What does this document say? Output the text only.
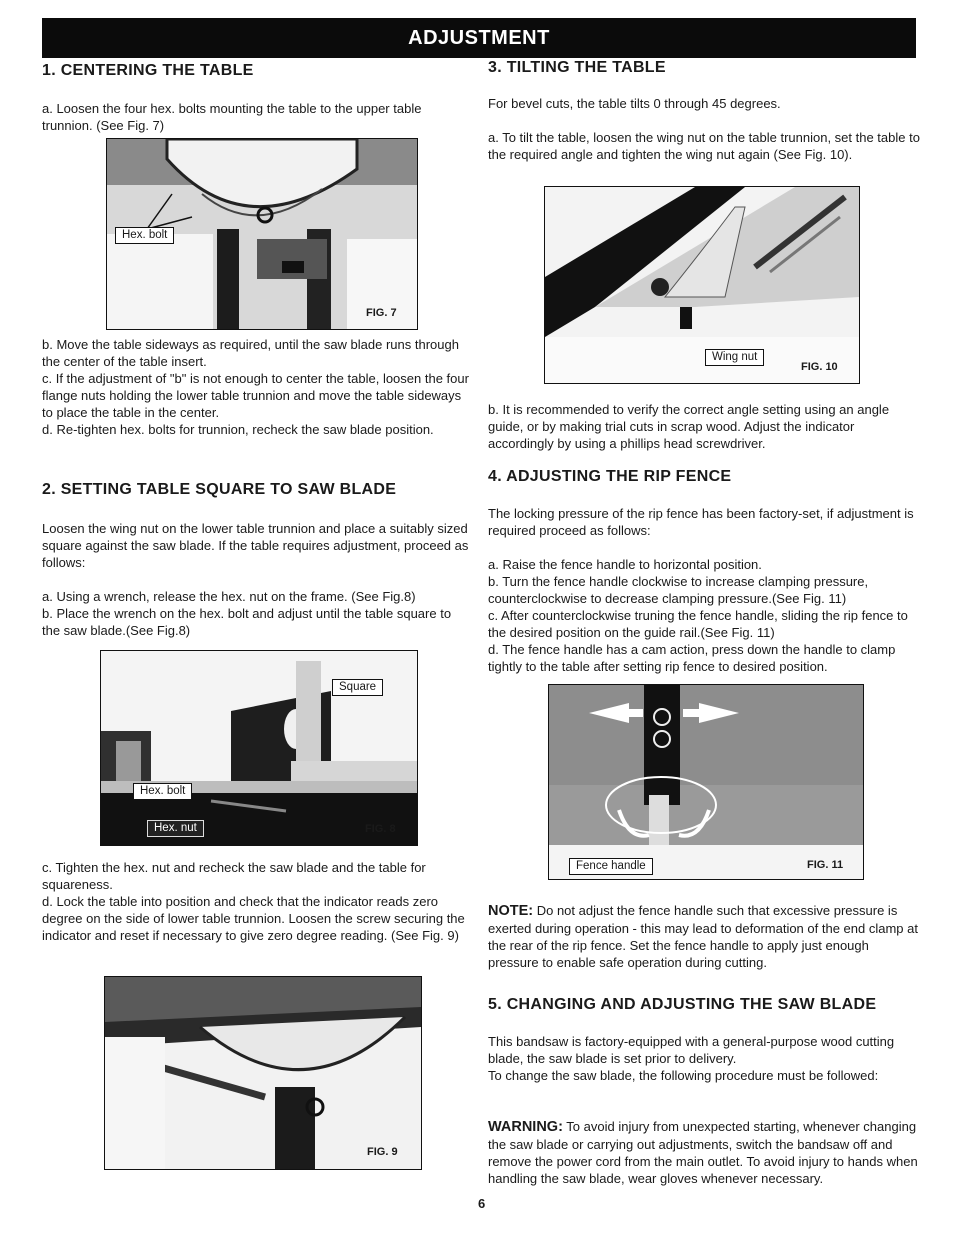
ADJUSTMENT
1. CENTERING THE TABLE

a. Loosen the four hex. bolts mounting the table to the upper table trunnion. (See Fig. 7)

Hex. bolt
FIG. 7

b. Move the table sideways as required, until the saw blade runs through the center of the table insert.

c. If the adjustment of "b" is not enough to center the table, loosen the four flange nuts holding the lower table trunnion and move the table sideways to place the table in the center.

d. Re-tighten hex. bolts for trunnion, recheck the saw blade position.

2. SETTING TABLE SQUARE TO SAW BLADE

Loosen the wing nut on the lower table trunnion and place a suitably sized square against the saw blade. If the table requires adjustment, proceed as follows:

a. Using a wrench, release the hex. nut on the frame. (See Fig.8)

b. Place the wrench on the hex. bolt and adjust until the table square to the saw blade.(See Fig.8)

Square
Hex. bolt
Hex. nut	FIG. 8

c. Tighten the hex. nut and recheck the saw blade and the table for squareness.

d. Lock the table into position and check that the indicator reads zero degree on the side of lower table trunnion. Loosen the screw securing the indicator and reset if necessary to give zero degree reading. (See Fig. 9)

FIG. 9
3. TILTING THE TABLE

For bevel cuts, the table tilts 0 through 45 degrees.

a. To tilt the table, loosen the wing nut on the table trunnion, set the table to the required angle and tighten the wing nut again (See Fig. 10).

Wing nut
FIG. 10

b. It is recommended to verify the correct angle setting using an angle guide, or by making trial cuts in scrap wood. Adjust the indicator accordingly by using a phillips head screwdriver.

4. ADJUSTING THE RIP FENCE

The locking pressure of the rip fence has been factory-set, if adjustment is required proceed as follows:

a. Raise the fence handle to horizontal position.

b. Turn the fence handle clockwise to increase clamping pressure, counterclockwise to decrease clamping pressure.(See Fig. 11)

c. After counterclockwise truning the fence handle, sliding the rip fence to the desired position on the guide rail.(See Fig. 11)

d. The fence handle has a cam action, press down the handle to clamp tightly to the table after setting rip fence to desired position.

Fence handle	FIG. 11

NOTE: Do not adjust the fence handle such that excessive pressure is exerted during operation - this may lead to deformation of the end clamp at the rear of the rip fence. Set the fence handle to apply just enough pressure to enable safe operation during cutting.

5. CHANGING AND ADJUSTING THE SAW BLADE

This bandsaw is factory-equipped with a general-purpose wood cutting blade, the saw blade is set prior to delivery.

To change the saw blade, the following procedure must be followed:

WARNING: To avoid injury from unexpected starting, whenever changing the saw blade or carrying out adjustments, switch the bandsaw off and remove the power cord from the main outlet. To avoid injury to hands when handling the saw blade, wear gloves whenever necessary.

6
